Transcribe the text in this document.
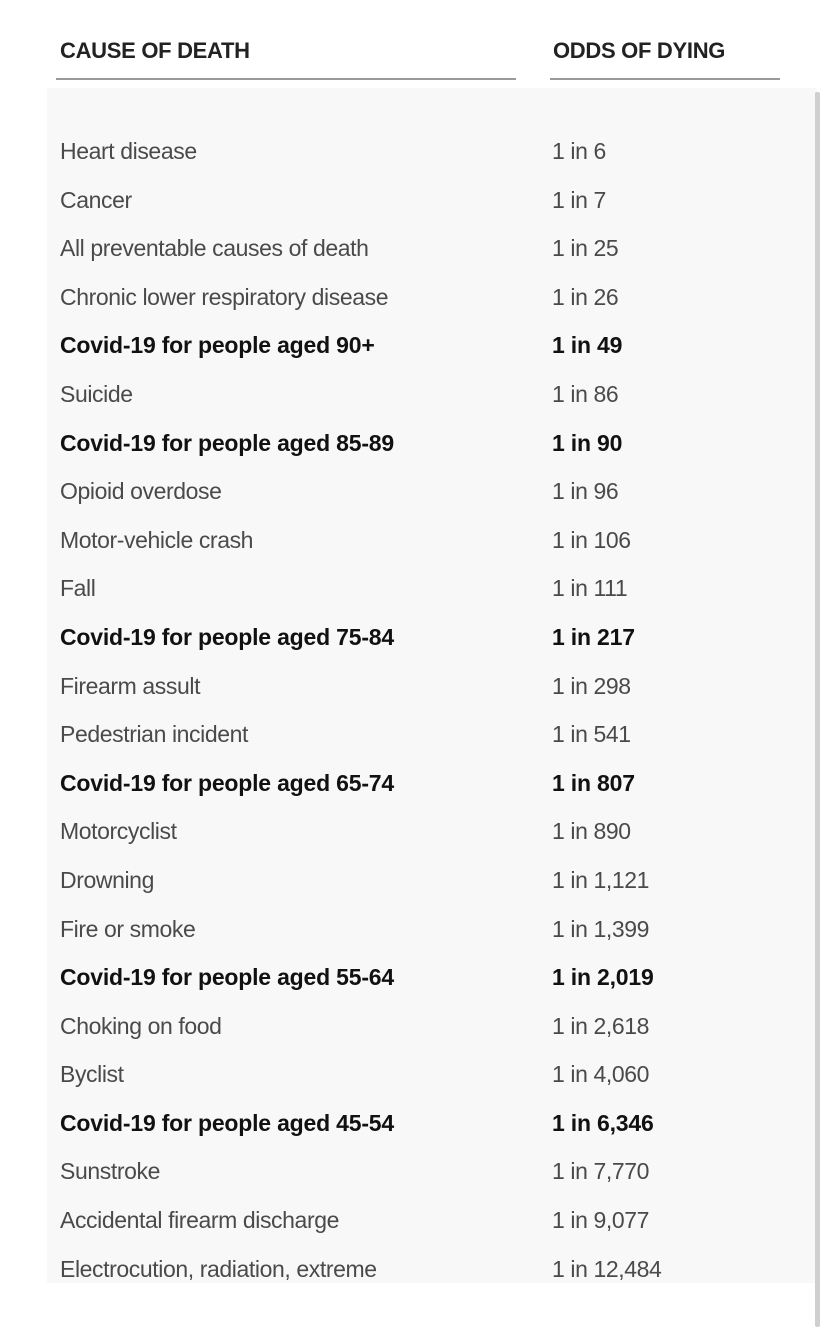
CAUSE OF DEATH	ODDS OF DYING
Heart disease	1 in 6
Cancer	1 in 7
All preventable causes of death	1 in 25
Chronic lower respiratory disease	1 in 26
Covid-19 for people aged 90+	1 in 49
Suicide	1 in 86
Covid-19 for people aged 85-89	1 in 90
Opioid overdose	1 in 96
Motor-vehicle crash	1 in 106
Fall	1 in 111
Covid-19 for people aged 75-84	1 in 217
Firearm assult	1 in 298
Pedestrian incident	1 in 541
Covid-19 for people aged 65-74	1 in 807
Motorcyclist	1 in 890
Drowning	1 in 1,121
Fire or smoke	1 in 1,399
Covid-19 for people aged 55-64	1 in 2,019
Choking on food	1 in 2,618
Byclist	1 in 4,060
Covid-19 for people aged 45-54	1 in 6,346
Sunstroke	1 in 7,770
Accidental firearm discharge	1 in 9,077
Electrocution, radiation, extreme	1 in 12,484
